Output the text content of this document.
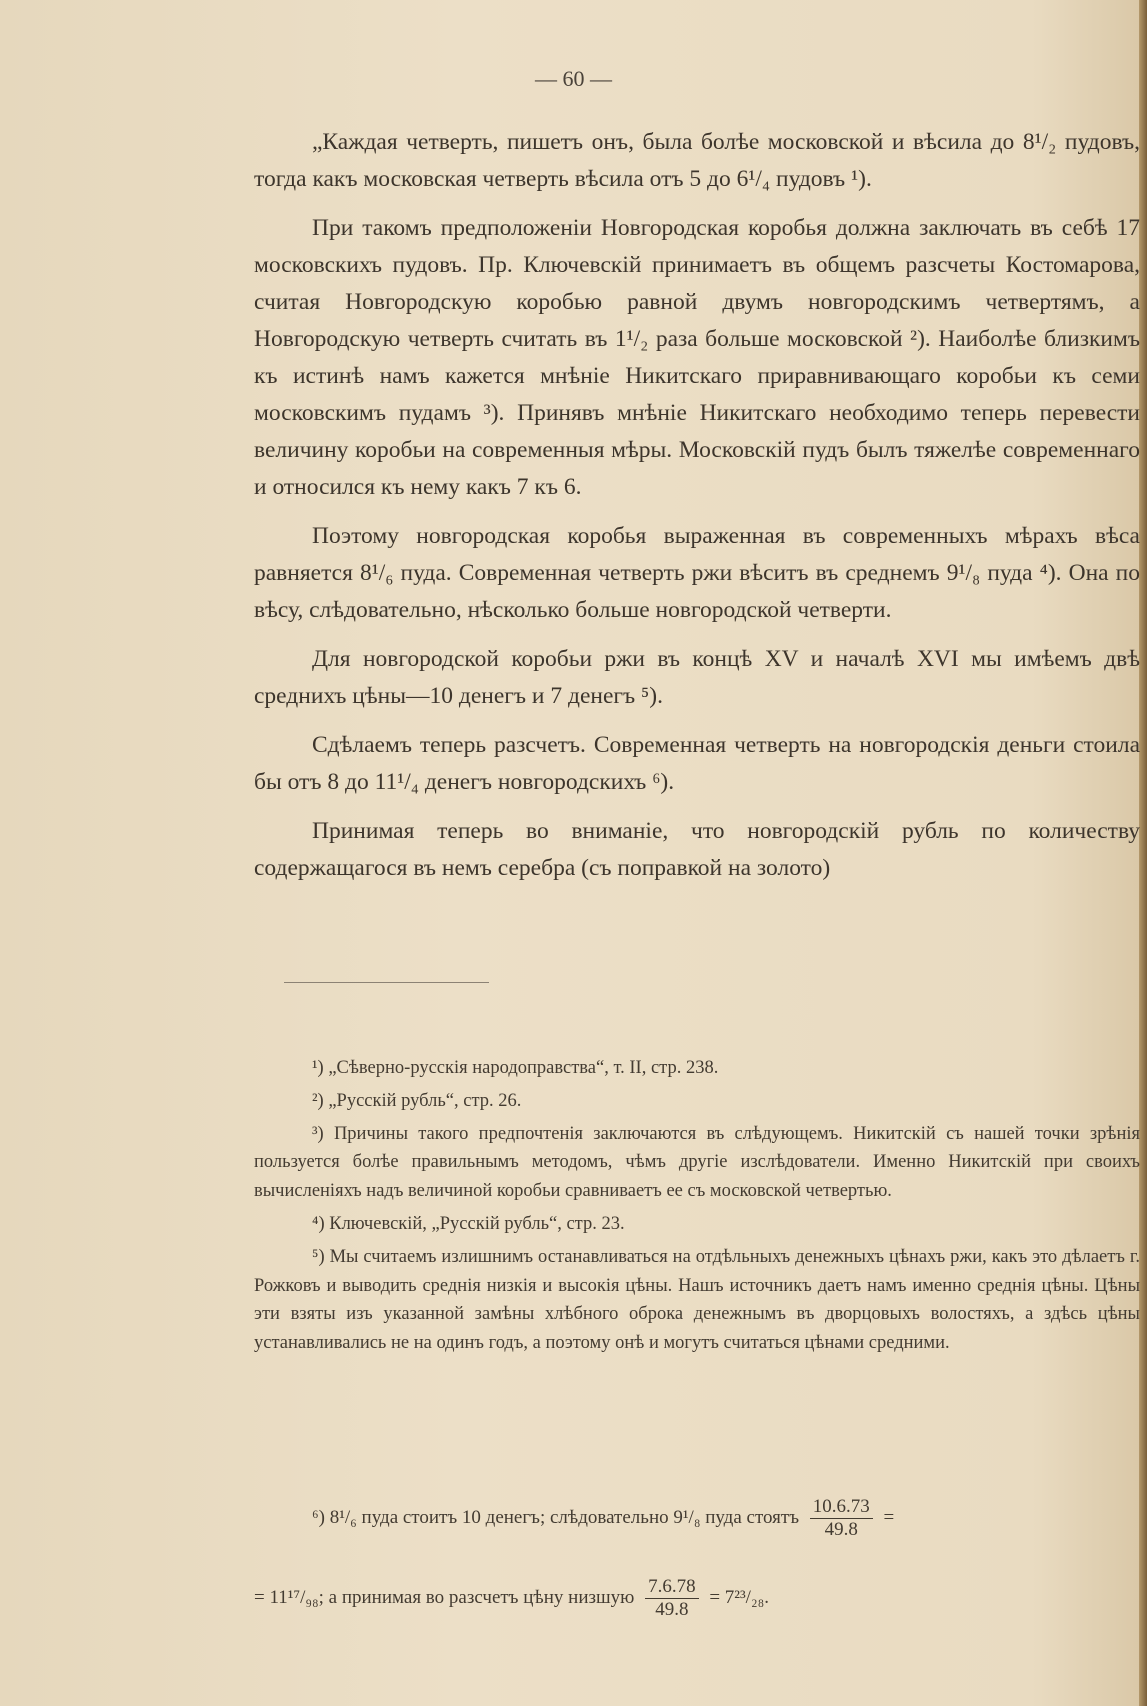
— 60 —

„Каждая четверть, пишетъ онъ, была болѣе московской и вѣсила до 8¹/₂ пудовъ, тогда какъ московская четверть вѣсила отъ 5 до 6¹/₄ пудовъ ¹).

При такомъ предположеніи Новгородская коробья должна заключать въ себѣ 17 московскихъ пудовъ. Пр. Ключевскій принимаетъ въ общемъ разсчеты Костомарова, считая Новгородскую коробью равной двумъ новгородскимъ четвертямъ, а Новгородскую четверть считать въ 1¹/₂ раза больше московской ²). Наиболѣе близкимъ къ истинѣ намъ кажется мнѣніе Никитскаго приравнивающаго коробьи къ семи московскимъ пудамъ ³). Принявъ мнѣніе Никитскаго необходимо теперь перевести величину коробьи на современныя мѣры. Московскій пудъ былъ тяжелѣе современнаго и относился къ нему какъ 7 къ 6.

Поэтому новгородская коробья выраженная въ современныхъ мѣрахъ вѣса равняется 8¹/₆ пуда. Современная четверть ржи вѣситъ въ среднемъ 9¹/₈ пуда ⁴). Она по вѣсу, слѣдовательно, нѣсколько больше новгородской четверти.

Для новгородской коробьи ржи въ концѣ XV и началѣ XVI мы имѣемъ двѣ среднихъ цѣны—10 денегъ и 7 денегъ ⁵).

Сдѣлаемъ теперь разсчетъ. Современная четверть на новгородскія деньги стоила бы отъ 8 до 11¹/₄ денегъ новгородскихъ ⁶).

Принимая теперь во вниманіе, что новгородскій рубль по количеству содержащагося въ немъ серебра (съ поправкой на золото)

¹) „Сѣверно-русскія народоправства“, т. II, стр. 238.

²) „Русскій рубль“, стр. 26.

³) Причины такого предпочтенія заключаются въ слѣдующемъ. Никитскій съ нашей точки зрѣнія пользуется болѣе правильнымъ методомъ, чѣмъ другіе изслѣдователи. Именно Никитскій при своихъ вычисленіяхъ надъ величиной коробьи сравниваетъ ее съ московской четвертью.

⁴) Ключевскій, „Русскій рубль“, стр. 23.

⁵) Мы считаемъ излишнимъ останавливаться на отдѣльныхъ денежныхъ цѣнахъ ржи, какъ это дѣлаетъ г. Рожковъ и выводить среднія низкія и высокія цѣны. Нашъ источникъ даетъ намъ именно среднія цѣны. Цѣны эти взяты изъ указанной замѣны хлѣбного оброка денежнымъ въ дворцовыхъ волостяхъ, а здѣсь цѣны устанавливались не на одинъ годъ, а поэтому онѣ и могутъ считаться цѣнами средними.

⁶) 8¹/₆ пуда стоитъ 10 денегъ; слѣдовательно 9¹/₈ пуда стоятъ $\frac{10.6.73}{49.8}$ =
= 11¹⁷/₉₈; а принимая во разсчетъ цѣну низшую $\frac{7.6.78}{49.8} = 7^{23}/_{28}$.
